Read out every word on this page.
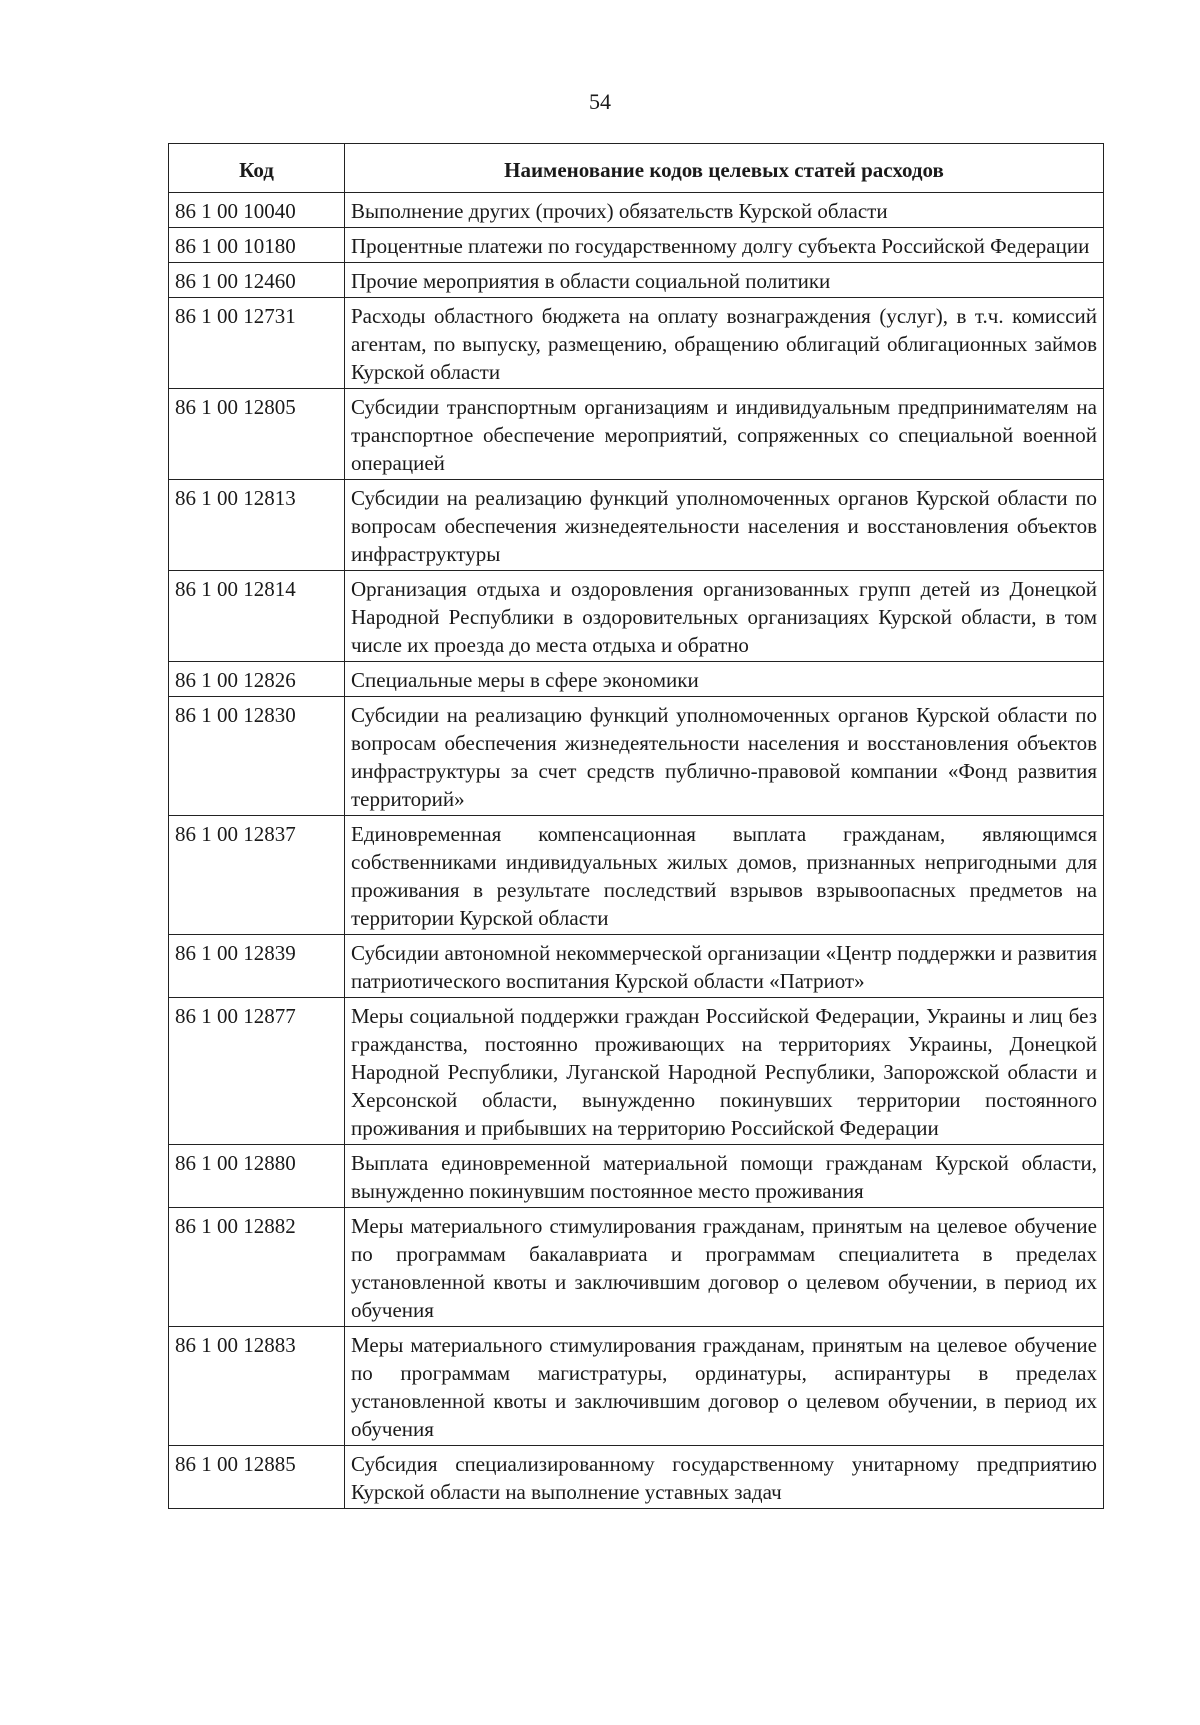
54
Код	Наименование кодов целевых статей расходов
86 1 00 10040	Выполнение других (прочих) обязательств Курской области
86 1 00 10180	Процентные платежи по государственному долгу субъекта Российской Федерации
86 1 00 12460	Прочие мероприятия в области социальной политики
86 1 00 12731	Расходы областного бюджета на оплату вознаграждения (услуг), в т.ч. комиссий агентам, по выпуску, размещению, обращению облигаций облигационных займов Курской области
86 1 00 12805	Субсидии транспортным организациям и индивидуальным предпринимателям на транспортное обеспечение мероприятий, сопряженных со специальной военной операцией
86 1 00 12813	Субсидии на реализацию функций уполномоченных органов Курской области по вопросам обеспечения жизнедеятельности населения и восстановления объектов инфраструктуры
86 1 00 12814	Организация отдыха и оздоровления организованных групп детей из Донецкой Народной Республики в оздоровительных организациях Курской области, в том числе их проезда до места отдыха и обратно
86 1 00 12826	Специальные меры в сфере экономики
86 1 00 12830	Субсидии на реализацию функций уполномоченных органов Курской области по вопросам обеспечения жизнедеятельности населения и восстановления объектов инфраструктуры за счет средств публично-правовой компании «Фонд развития территорий»
86 1 00 12837	Единовременная компенсационная выплата гражданам, являющимся собственниками индивидуальных жилых домов, признанных непригодными для проживания в результате последствий взрывов взрывоопасных предметов на территории Курской области
86 1 00 12839	Субсидии автономной некоммерческой организации «Центр поддержки и развития патриотического воспитания Курской области «Патриот»
86 1 00 12877	Меры социальной поддержки граждан Российской Федерации, Украины и лиц без гражданства, постоянно проживающих на территориях Украины, Донецкой Народной Республики, Луганской Народной Республики, Запорожской области и Херсонской области, вынужденно покинувших территории постоянного проживания и прибывших на территорию Российской Федерации
86 1 00 12880	Выплата единовременной материальной помощи гражданам Курской области, вынужденно покинувшим постоянное место проживания
86 1 00 12882	Меры материального стимулирования гражданам, принятым на целевое обучение по программам бакалавриата и программам специалитета в пределах установленной квоты и заключившим договор о целевом обучении, в период их обучения
86 1 00 12883	Меры материального стимулирования гражданам, принятым на целевое обучение по программам магистратуры, ординатуры, аспирантуры в пределах установленной квоты и заключившим договор о целевом обучении, в период их обучения
86 1 00 12885	Субсидия специализированному государственному унитарному предприятию Курской области на выполнение уставных задач
